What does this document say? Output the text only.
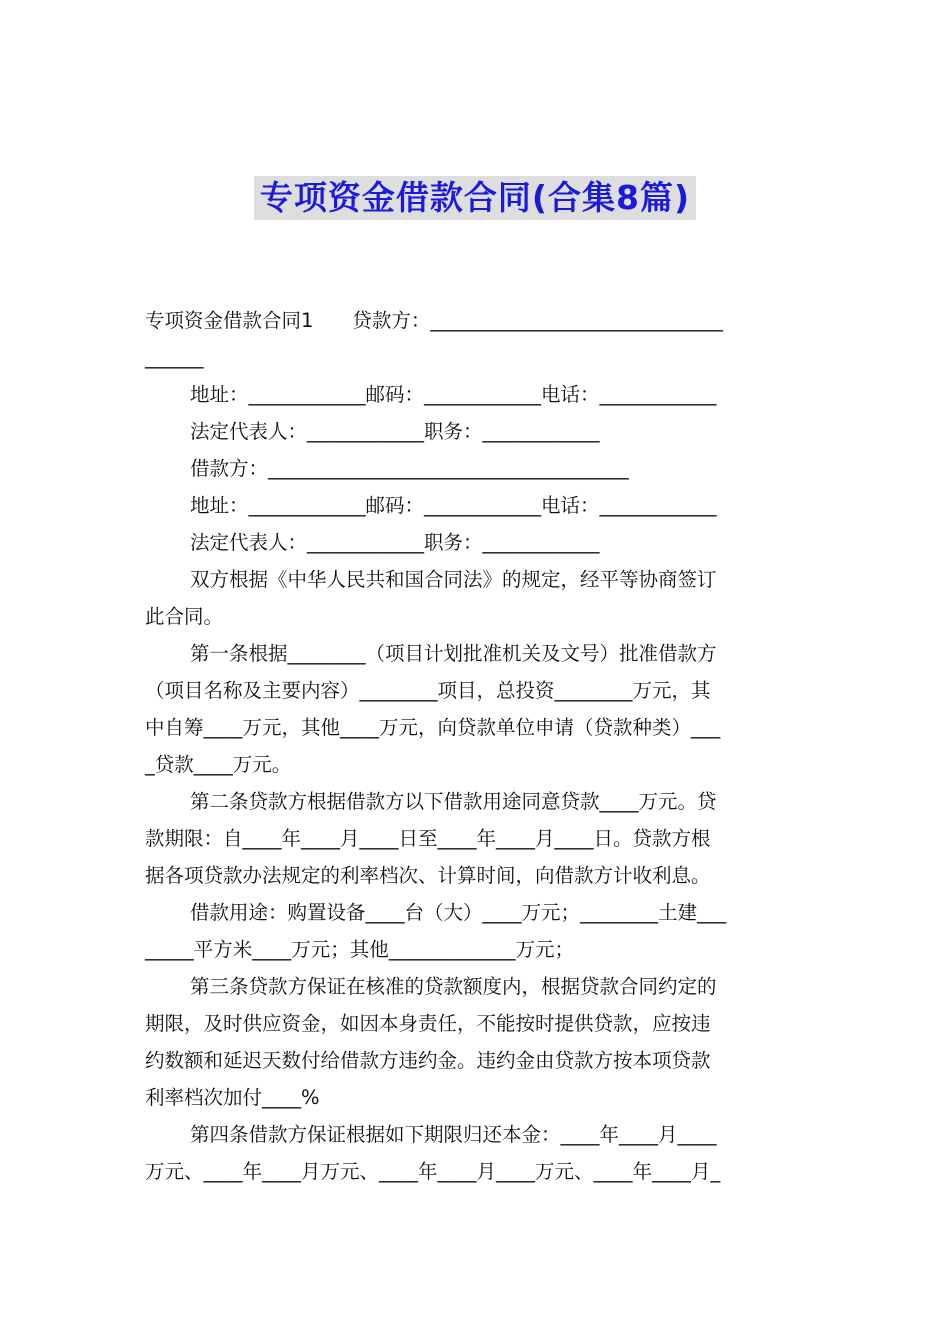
专项资金借款合同(合集8篇)
专项资金借款合同1　　贷款方：______________________________
______
地址：____________邮码：____________电话：____________
法定代表人：____________职务：____________
借款方：_____________________________________
地址：____________邮码：____________电话：____________
法定代表人：____________职务：____________
双方根据《中华人民共和国合同法》的规定，经平等协商签订
此合同。
第一条根据________（项目计划批准机关及文号）批准借款方
（项目名称及主要内容）________项目，总投资________万元，其
中自筹____万元，其他____万元，向贷款单位申请（贷款种类）___
_贷款____万元。
第二条贷款方根据借款方以下借款用途同意贷款____万元。贷
款期限：自____年____月____日至____年____月____日。贷款方根
据各项贷款办法规定的利率档次、计算时间，向借款方计收利息。
借款用途：购置设备____台（大）____万元；________土建___
_____平方米____万元；其他_____________万元；
第三条贷款方保证在核准的贷款额度内，根据贷款合同约定的
期限，及时供应资金，如因本身责任，不能按时提供贷款，应按违
约数额和延迟天数付给借款方违约金。违约金由贷款方按本项贷款
利率档次加付____%
第四条借款方保证根据如下期限归还本金：____年____月____
万元、____年____月万元、____年____月____万元、____年____月_
